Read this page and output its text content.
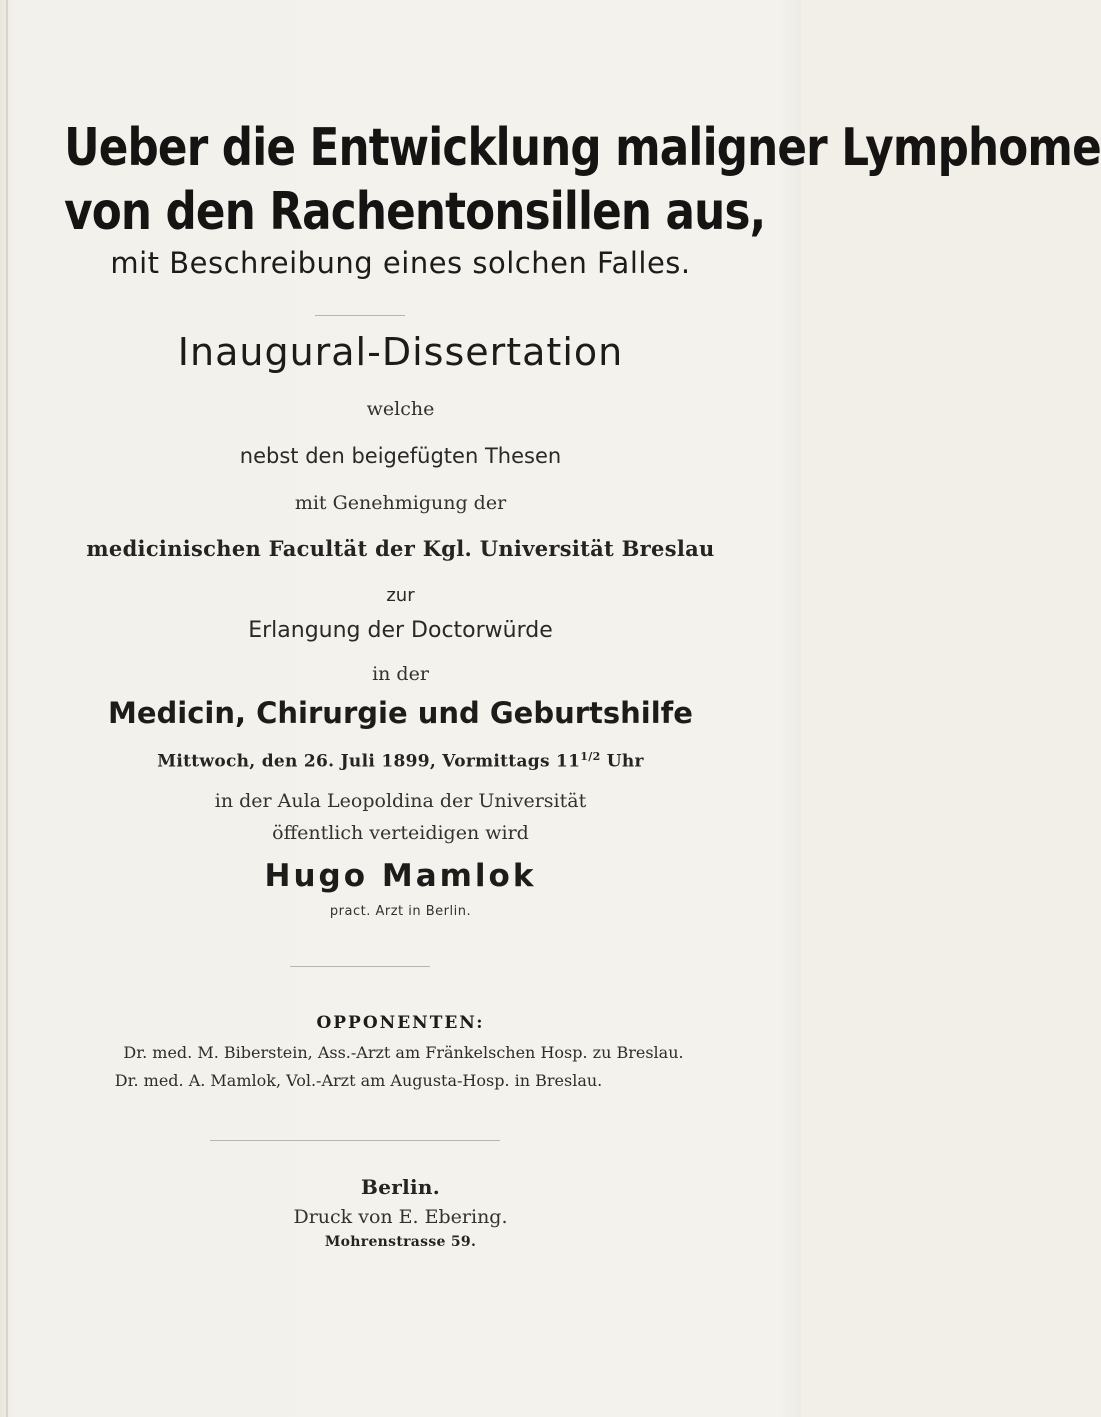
Ueber die Entwicklung maligner Lymphome
von den Rachentonsillen aus,
mit Beschreibung eines solchen Falles.
Inaugural-Dissertation
welche
nebst den beigefügten Thesen
mit Genehmigung der
medicinischen Facultät der Kgl. Universität Breslau
zur
Erlangung der Doctorwürde
in der
Medicin, Chirurgie und Geburtshilfe
Mittwoch, den 26. Juli 1899, Vormittags $11^{1/2}$ Uhr
in der Aula Leopoldina der Universität
öffentlich verteidigen wird
Hugo Mamlok
pract. Arzt in Berlin.
OPPONENTEN:
Dr. med. M. Biberstein, Ass.-Arzt am Fränkelschen Hosp. zu Breslau.
Dr. med. A. Mamlok, Vol.-Arzt am Augusta-Hosp. in Breslau.
Berlin.
Druck von E. Ebering.
Mohrenstrasse 59.
